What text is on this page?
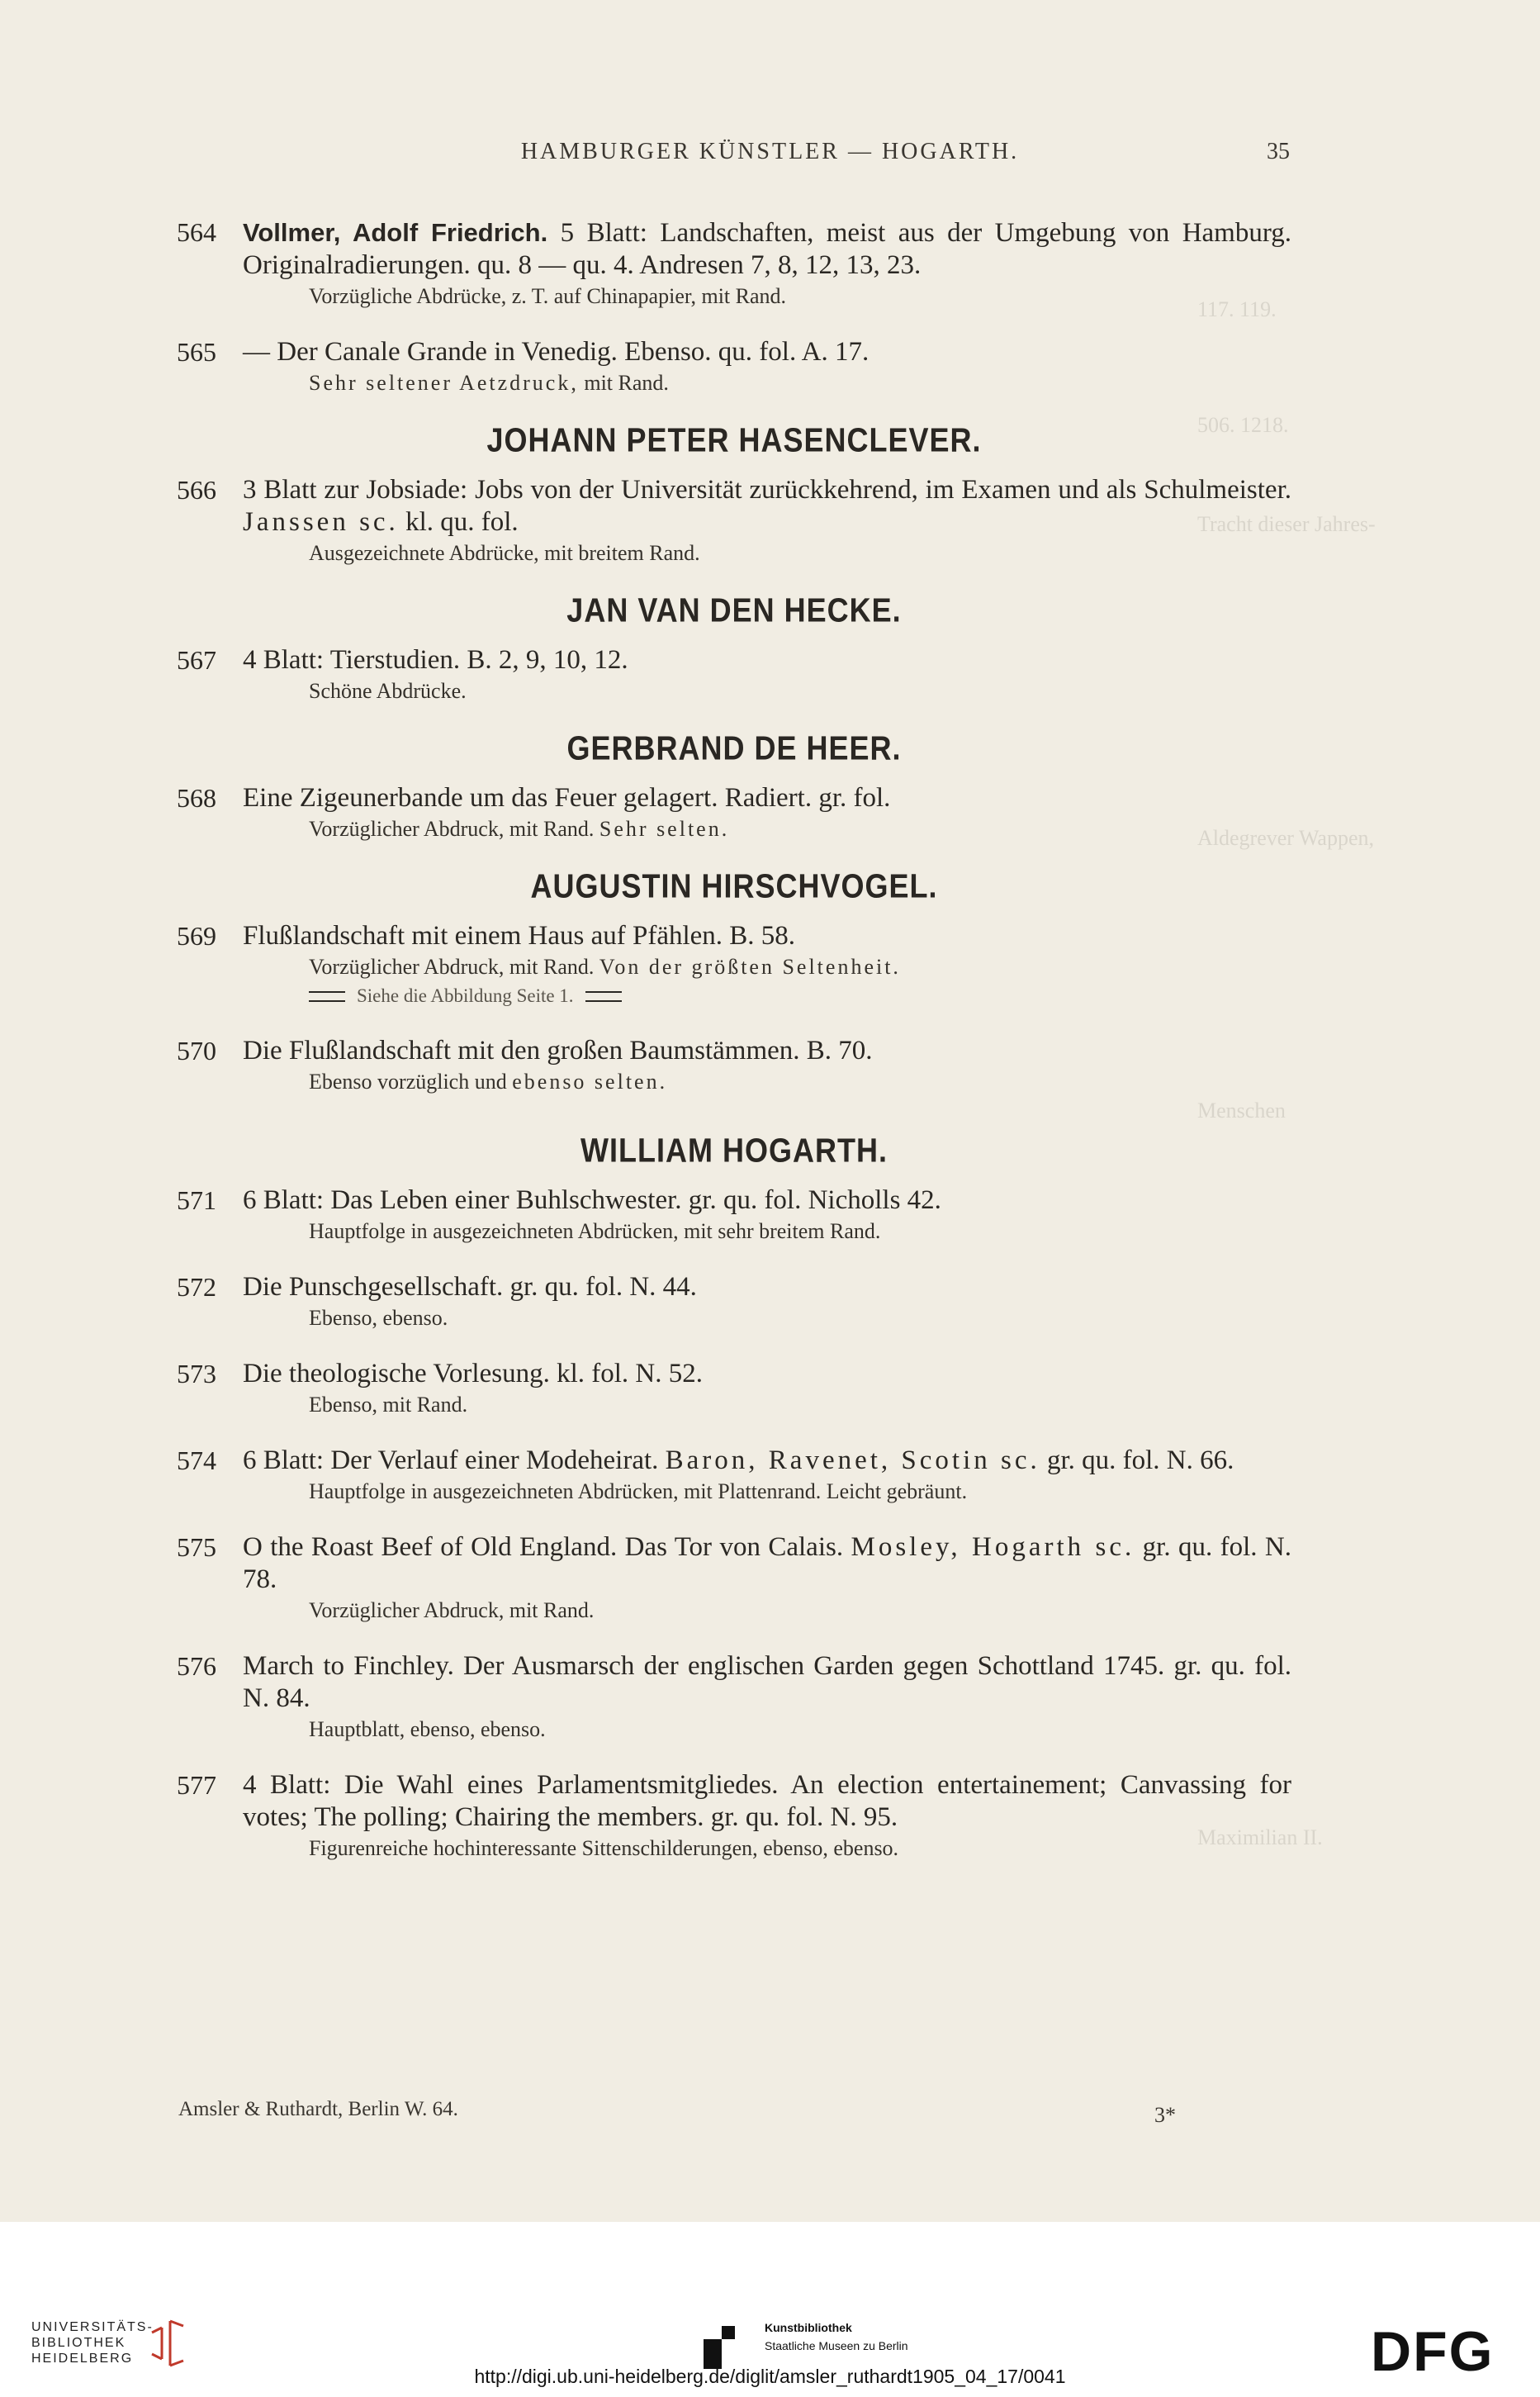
117. 119.
506. 1218.
Tracht dieser Jahres-
Aldegrever Wappen,
Menschen
Maximilian II.
HAMBURGER KÜNSTLER — HOGARTH.	35
564	Vollmer, Adolf Friedrich. 5 Blatt: Landschaften, meist aus der Umgebung von Hamburg. Originalradierungen. qu. 8 — qu. 4. Andresen 7, 8, 12, 13, 23.
Vorzügliche Abdrücke, z. T. auf Chinapapier, mit Rand.
565 — Der Canale Grande in Venedig. Ebenso. qu. fol. A. 17.
Sehr seltener Aetzdruck, mit Rand.
JOHANN PETER HASENCLEVER.
566 3 Blatt zur Jobsiade: Jobs von der Universität zurückkehrend, im Examen und als Schulmeister. Janssen sc. kl. qu. fol.
Ausgezeichnete Abdrücke, mit breitem Rand.
JAN VAN DEN HECKE.
567 4 Blatt: Tierstudien. B. 2, 9, 10, 12.
Schöne Abdrücke.
GERBRAND DE HEER.
568 Eine Zigeunerbande um das Feuer gelagert. Radiert. gr. fol.
Vorzüglicher Abdruck, mit Rand. Sehr selten.
AUGUSTIN HIRSCHVOGEL.
569 Flußlandschaft mit einem Haus auf Pfählen. B. 58.
Vorzüglicher Abdruck, mit Rand. Von der größten Seltenheit.
Siehe die Abbildung Seite 1.
570 Die Flußlandschaft mit den großen Baumstämmen. B. 70.
Ebenso vorzüglich und ebenso selten.
WILLIAM HOGARTH.
571 6 Blatt: Das Leben einer Buhlschwester. gr. qu. fol. Nicholls 42.
Hauptfolge in ausgezeichneten Abdrücken, mit sehr breitem Rand.
572 Die Punschgesellschaft. gr. qu. fol. N. 44.
Ebenso, ebenso.
573 Die theologische Vorlesung. kl. fol. N. 52.
Ebenso, mit Rand.
574 6 Blatt: Der Verlauf einer Modeheirat. Baron, Ravenet, Scotin sc. gr. qu. fol. N. 66.
Hauptfolge in ausgezeichneten Abdrücken, mit Plattenrand. Leicht gebräunt.
575 O the Roast Beef of Old England. Das Tor von Calais. Mosley, Hogarth sc. gr. qu. fol. N. 78.
Vorzüglicher Abdruck, mit Rand.
576 March to Finchley. Der Ausmarsch der englischen Garden gegen Schottland 1745. gr. qu. fol. N. 84.
Hauptblatt, ebenso, ebenso.
577 4 Blatt: Die Wahl eines Parlamentsmitgliedes. An election entertainement; Canvassing for votes; The polling; Chairing the members. gr. qu. fol. N. 95.
Figurenreiche hochinteressante Sittenschilderungen, ebenso, ebenso.
Amsler & Ruthardt, Berlin W. 64.	3*
UNIVERSITÄTS-
BIBLIOTHEK
HEIDELBERG
Kunstbibliothek
Staatliche Museen zu Berlin	DFG
http://digi.ub.uni-heidelberg.de/diglit/amsler_ruthardt1905_04_17/0041
